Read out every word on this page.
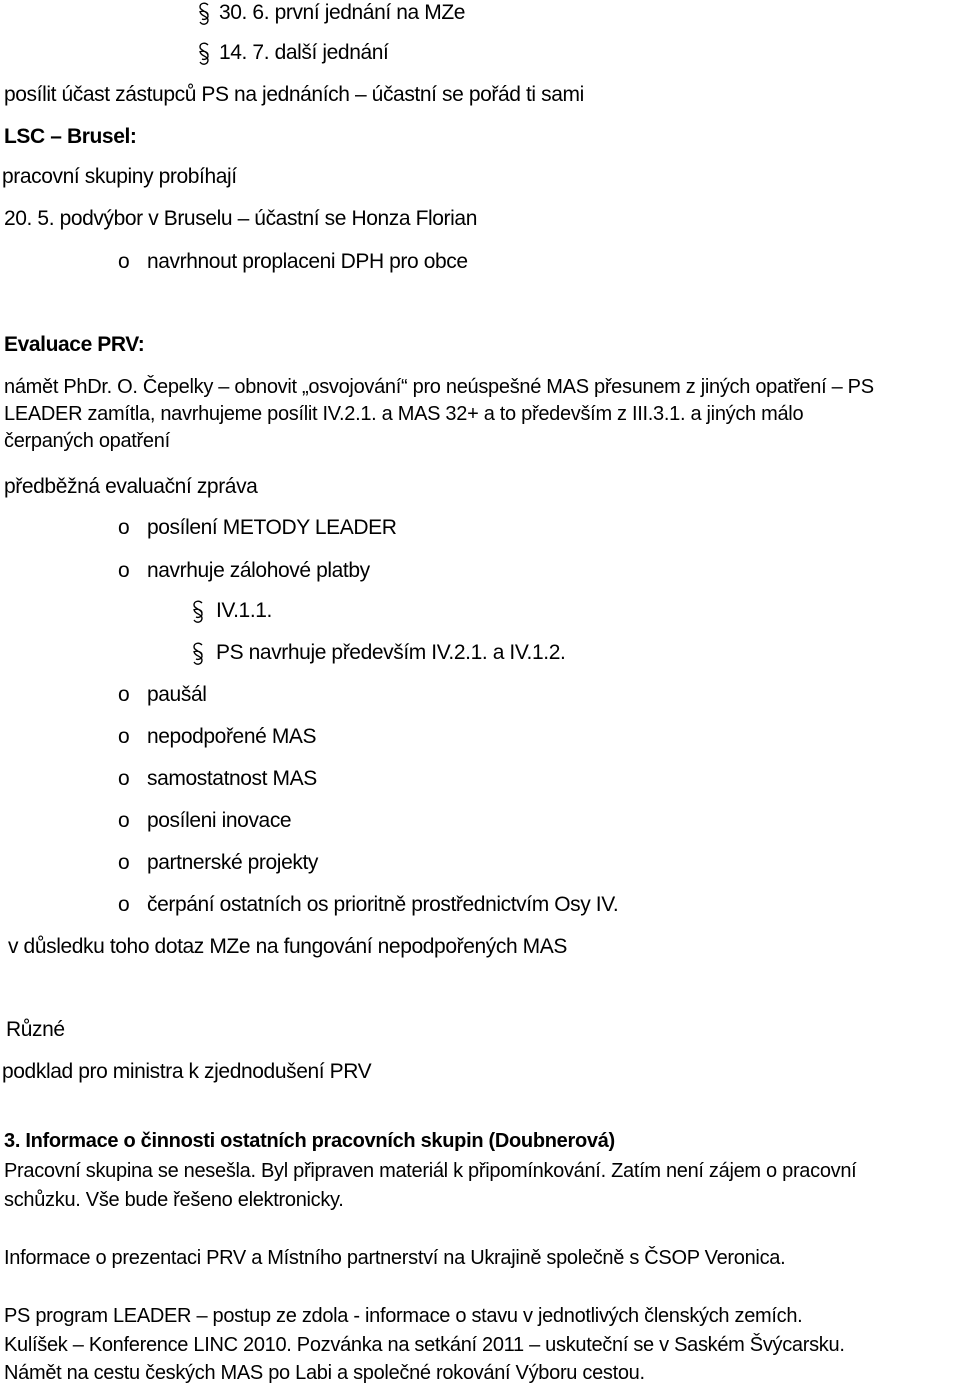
30. 6. první jednání na MZe
14. 7. další jednání
posílit účast zástupců PS na jednáních – účastní se pořád ti sami
LSC – Brusel:
pracovní skupiny probíhají
20. 5. podvýbor v Bruselu – účastní se Honza Florian
o navrhnout proplaceni DPH pro obce
Evaluace PRV:
námět PhDr. O. Čepelky – obnovit „osvojování“ pro neúspešné MAS přesunem z jiných opatření – PS
LEADER zamítla, navrhujeme posílit IV.2.1. a MAS 32+ a to především z III.3.1. a jiných málo
čerpaných opatření
předběžná evaluační zpráva
o posílení METODY LEADER
o navrhuje zálohové platby
IV.1.1.
PS navrhuje především IV.2.1. a IV.1.2.
o paušál
o nepodpořené MAS
o samostatnost MAS
o posíleni inovace
o partnerské projekty
o čerpání ostatních os prioritně prostřednictvím Osy IV.
v důsledku toho dotaz MZe na fungování nepodpořených MAS
Různé
podklad pro ministra k zjednodušení PRV
3. Informace o činnosti ostatních pracovních skupin (Doubnerová)
Pracovní skupina se nesešla. Byl připraven materiál k připomínkování. Zatím není zájem o pracovní
schůzku. Vše bude řešeno elektronicky.
Informace o prezentaci PRV a Místního partnerství na Ukrajině společně s ČSOP Veronica.
PS program LEADER – postup ze zdola - informace o stavu v jednotlivých členských zemích.
Kulíšek – Konference LINC 2010. Pozvánka na setkání 2011 – uskuteční se v Saském Švýcarsku.
Námět na cestu českých MAS po Labi a společné rokování Výboru cestou.
